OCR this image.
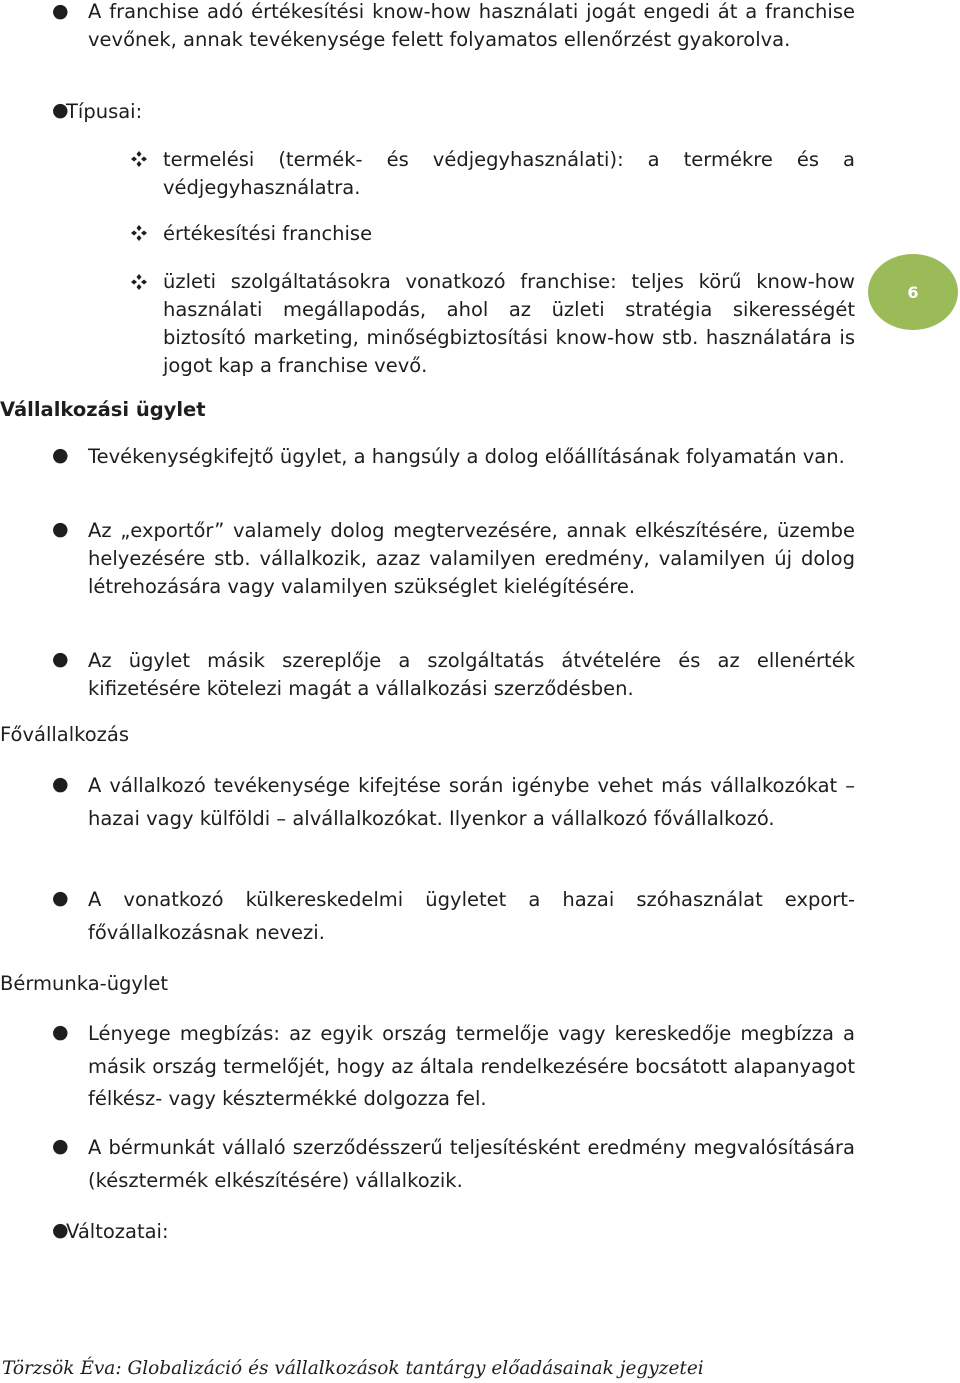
●

A franchise adó értékesítési know-how használati jogát engedi át a franchise vevőnek, annak tevékenysége felett folyamatos ellenőrzést gyakorolva.

●
Típusai:

termelési (termék- és védjegyhasználati): a termékre és a védjegyhasználatra.

értékesítési franchise

üzleti szolgáltatásokra vonatkozó franchise: teljes körű know-how használati megállapodás, ahol az üzleti stratégia sikerességét biztosító marketing, minőségbiztosítási know-how stb. használatára is jogot kap a franchise vevő.

6

Vállalkozási ügylet

●

Tevékenységkifejtő ügylet, a hangsúly a dolog előállításának folyamatán van.

●

Az „exportőr” valamely dolog megtervezésére, annak elkészítésére, üzembe helyezésére stb. vállalkozik, azaz valamilyen eredmény, valamilyen új dolog létrehozására vagy valamilyen szükséglet kielégítésére.

●

Az ügylet másik szereplője a szolgáltatás átvételére és az ellenérték kifizetésére kötelezi magát a vállalkozási szerződésben.

Fővállalkozás

●

A vállalkozó tevékenysége kifejtése során igénybe vehet más vállalkozókat – hazai vagy külföldi – alvállalkozókat. Ilyenkor a vállalkozó fővállalkozó.

●

A vonatkozó külkereskedelmi ügyletet a hazai szóhasználat export-fővállalkozásnak nevezi.

Bérmunka-ügylet

●

Lényege megbízás: az egyik ország termelője vagy kereskedője megbízza a másik ország termelőjét, hogy az általa rendelkezésére bocsátott alapanyagot félkész- vagy késztermékké dolgozza fel.

●

A bérmunkát vállaló szerződésszerű teljesítésként eredmény megvalósítására (késztermék elkészítésére) vállalkozik.

●
Változatai:
Törzsök Éva: Globalizáció és vállalkozások tantárgy előadásainak jegyzetei
